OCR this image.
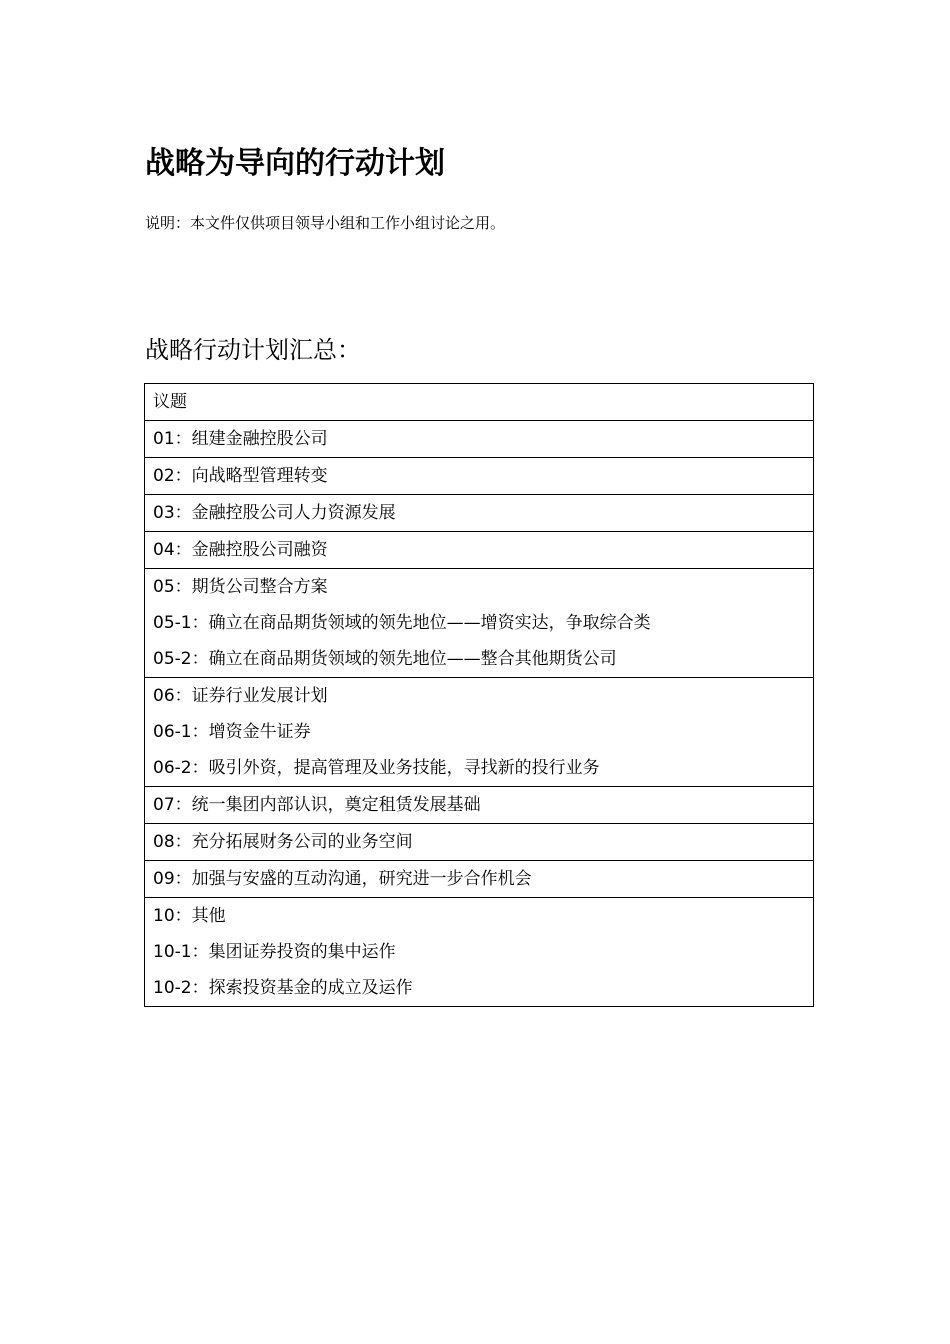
战略为导向的行动计划
说明：本文件仅供项目领导小组和工作小组讨论之用。
战略行动计划汇总：
议题

01：组建金融控股公司

02：向战略型管理转变

03：金融控股公司人力资源发展

04：金融控股公司融资

05：期货公司整合方案
05-1：确立在商品期货领域的领先地位——增资实达，争取综合类
05-2：确立在商品期货领域的领先地位——整合其他期货公司

06：证券行业发展计划
06-1：增资金牛证券
06-2：吸引外资，提高管理及业务技能，寻找新的投行业务

07：统一集团内部认识，奠定租赁发展基础

08：充分拓展财务公司的业务空间

09：加强与安盛的互动沟通，研究进一步合作机会

10：其他
10-1：集团证券投资的集中运作
10-2：探索投资基金的成立及运作
